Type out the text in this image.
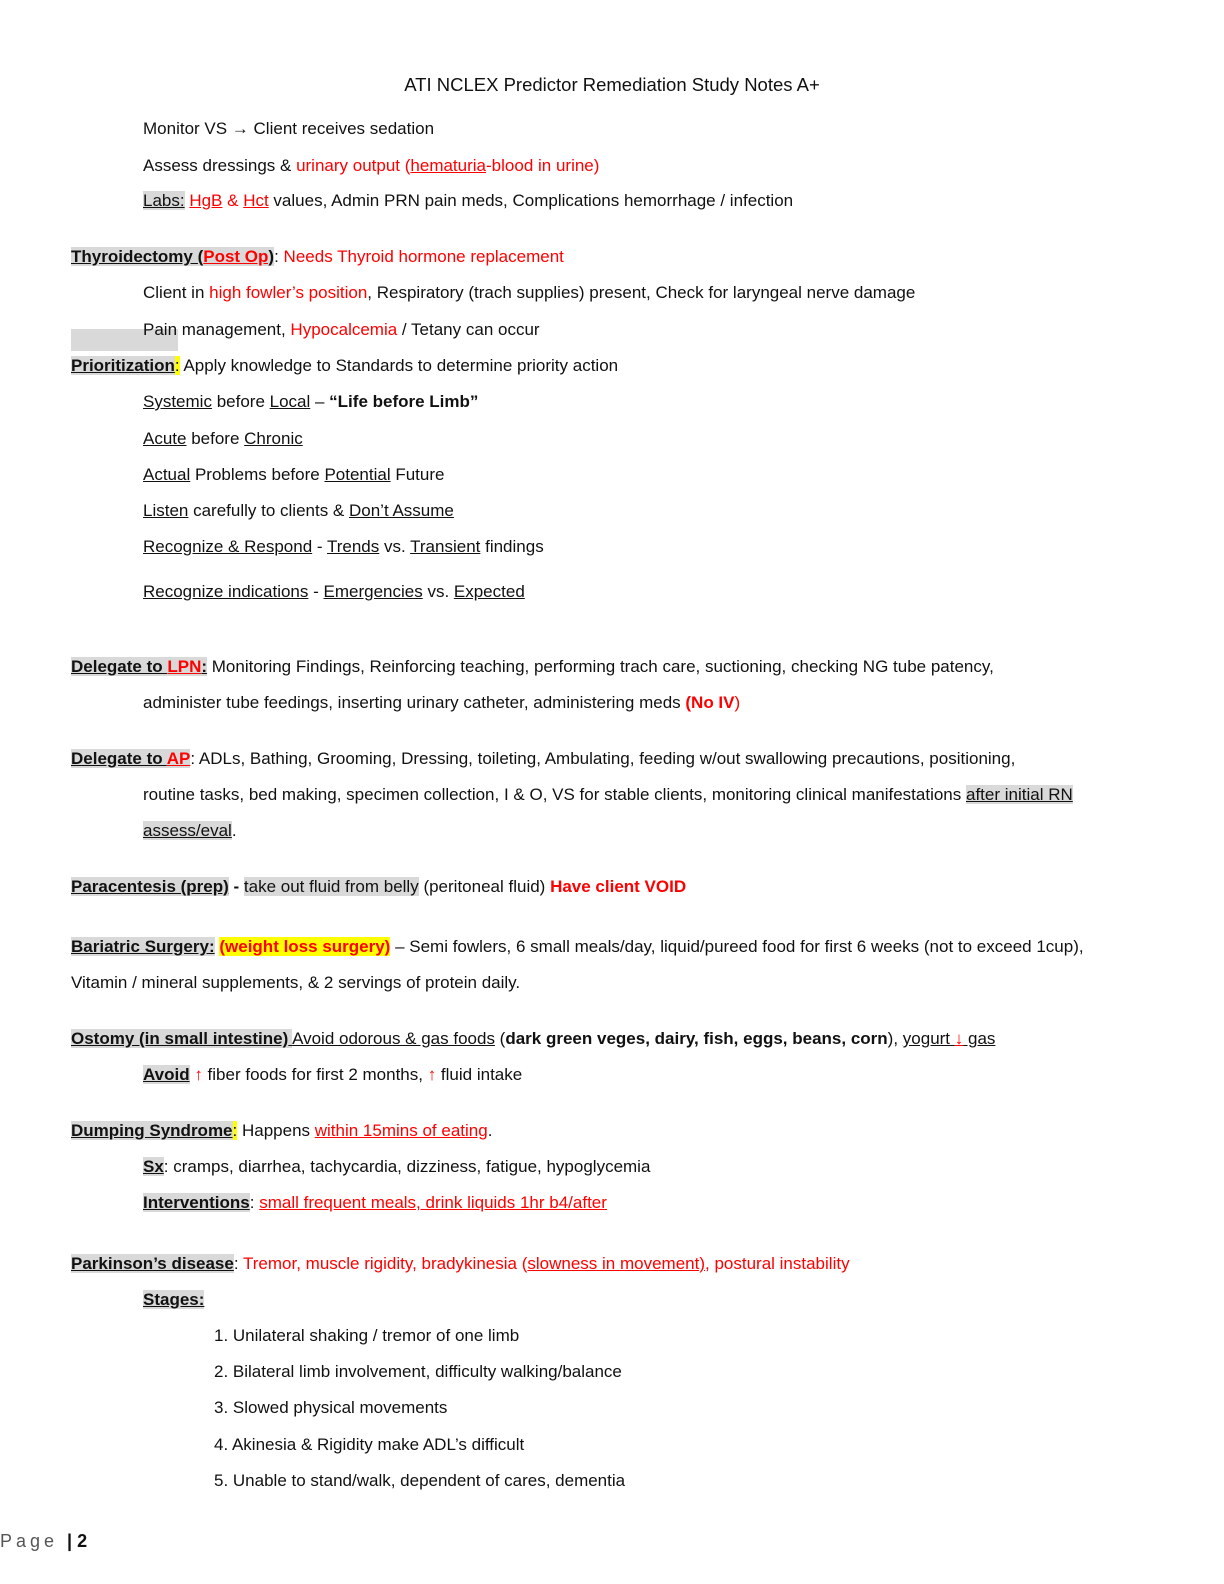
ATI NCLEX Predictor Remediation Study Notes A+
Monitor VS → Client receives sedation
Assess dressings & urinary output (hematuria-blood in urine)
Labs: HgB & Hct values, Admin PRN pain meds, Complications hemorrhage / infection
Thyroidectomy (Post Op): Needs Thyroid hormone replacement
Client in high fowler’s position, Respiratory (trach supplies) present, Check for laryngeal nerve damage
Pain management, Hypocalcemia / Tetany can occur
Prioritization: Apply knowledge to Standards to determine priority action
Systemic before Local – “Life before Limb”
Acute before Chronic
Actual Problems before Potential Future
Listen carefully to clients & Don’t Assume
Recognize & Respond - Trends vs. Transient findings
Recognize indications - Emergencies vs. Expected
Delegate to LPN: Monitoring Findings, Reinforcing teaching, performing trach care, suctioning, checking NG tube patency,
administer tube feedings, inserting urinary catheter, administering meds (No IV)
Delegate to AP: ADLs, Bathing, Grooming, Dressing, toileting, Ambulating, feeding w/out swallowing precautions, positioning,
routine tasks, bed making, specimen collection, I & O, VS for stable clients, monitoring clinical manifestations after initial RN
assess/eval.
Paracentesis (prep) - take out fluid from belly (peritoneal fluid) Have client VOID
Bariatric Surgery: (weight loss surgery) – Semi fowlers, 6 small meals/day, liquid/pureed food for first 6 weeks (not to exceed 1cup),
Vitamin / mineral supplements, & 2 servings of protein daily.
Ostomy (in small intestine) Avoid odorous & gas foods (dark green veges, dairy, fish, eggs, beans, corn), yogurt ↓ gas
Avoid ↑ fiber foods for first 2 months, ↑ fluid intake
Dumping Syndrome: Happens within 15mins of eating.
Sx: cramps, diarrhea, tachycardia, dizziness, fatigue, hypoglycemia
Interventions: small frequent meals, drink liquids 1hr b4/after
Parkinson’s disease: Tremor, muscle rigidity, bradykinesia (slowness in movement), postural instability
Stages:
1. Unilateral shaking / tremor of one limb
2. Bilateral limb involvement, difficulty walking/balance
3. Slowed physical movements
4. Akinesia & Rigidity make ADL’s difficult
5. Unable to stand/walk, dependent of cares, dementia
Page | 2
